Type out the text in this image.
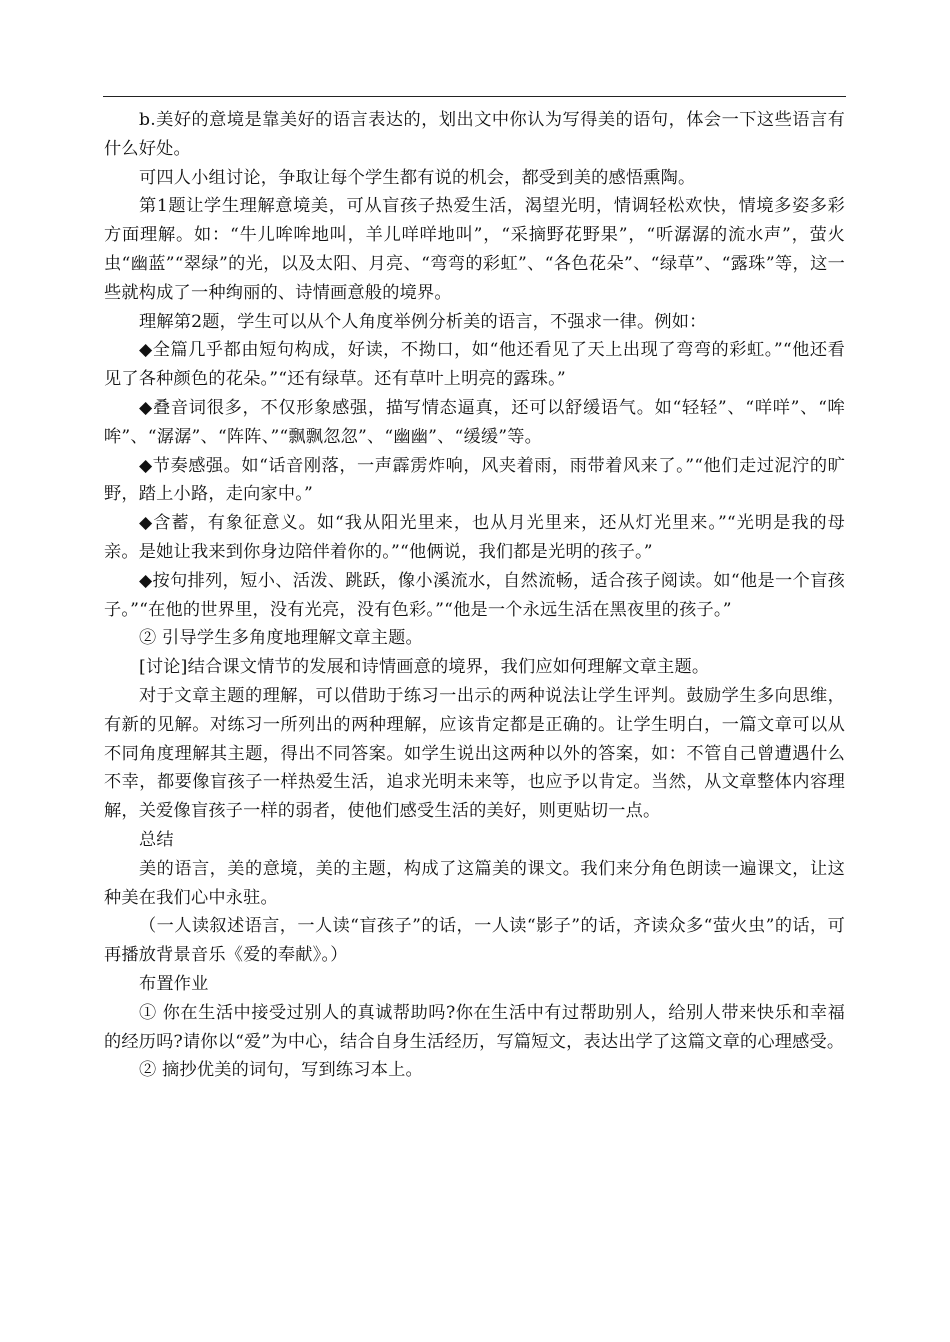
b.美好的意境是靠美好的语言表达的，划出文中你认为写得美的语句，体会一下这些语言有什么好处。

可四人小组讨论，争取让每个学生都有说的机会，都受到美的感悟熏陶。

第1题让学生理解意境美，可从盲孩子热爱生活，渴望光明，情调轻松欢快，情境多姿多彩方面理解。如：“牛儿哞哞地叫，羊儿咩咩地叫”，“采摘野花野果”，“听潺潺的流水声”，萤火虫“幽蓝”“翠绿”的光，以及太阳、月亮、“弯弯的彩虹”、“各色花朵”、“绿草”、“露珠”等，这一些就构成了一种绚丽的、诗情画意般的境界。

理解第2题，学生可以从个人角度举例分析美的语言，不强求一律。例如：

◆全篇几乎都由短句构成，好读，不拗口，如“他还看见了天上出现了弯弯的彩虹。”“他还看见了各种颜色的花朵。”“还有绿草。还有草叶上明亮的露珠。”

◆叠音词很多，不仅形象感强，描写情态逼真，还可以舒缓语气。如“轻轻”、“咩咩”、“哞哞”、“潺潺”、“阵阵、”“飘飘忽忽”、“幽幽”、“缓缓”等。

◆节奏感强。如“话音刚落，一声霹雳炸响，风夹着雨，雨带着风来了。”“他们走过泥泞的旷野，踏上小路，走向家中。”

◆含蓄，有象征意义。如“我从阳光里来，也从月光里来，还从灯光里来。”“光明是我的母亲。是她让我来到你身边陪伴着你的。”“他俩说，我们都是光明的孩子。”

◆按句排列，短小、活泼、跳跃，像小溪流水，自然流畅，适合孩子阅读。如“他是一个盲孩子。”“在他的世界里，没有光亮，没有色彩。”“他是一个永远生活在黑夜里的孩子。”

② 引导学生多角度地理解文章主题。

[讨论]结合课文情节的发展和诗情画意的境界，我们应如何理解文章主题。

对于文章主题的理解，可以借助于练习一出示的两种说法让学生评判。鼓励学生多向思维，有新的见解。对练习一所列出的两种理解，应该肯定都是正确的。让学生明白，一篇文章可以从不同角度理解其主题，得出不同答案。如学生说出这两种以外的答案，如：不管自己曾遭遇什么不幸，都要像盲孩子一样热爱生活，追求光明未来等，也应予以肯定。当然，从文章整体内容理解，关爱像盲孩子一样的弱者，使他们感受生活的美好，则更贴切一点。

总结

美的语言，美的意境，美的主题，构成了这篇美的课文。我们来分角色朗读一遍课文，让这种美在我们心中永驻。

（一人读叙述语言，一人读“盲孩子”的话，一人读“影子”的话，齐读众多“萤火虫”的话，可再播放背景音乐《爱的奉献》。）

布置作业

① 你在生活中接受过别人的真诚帮助吗?你在生活中有过帮助别人，给别人带来快乐和幸福的经历吗?请你以“爱”为中心，结合自身生活经历，写篇短文，表达出学了这篇文章的心理感受。

② 摘抄优美的词句，写到练习本上。
